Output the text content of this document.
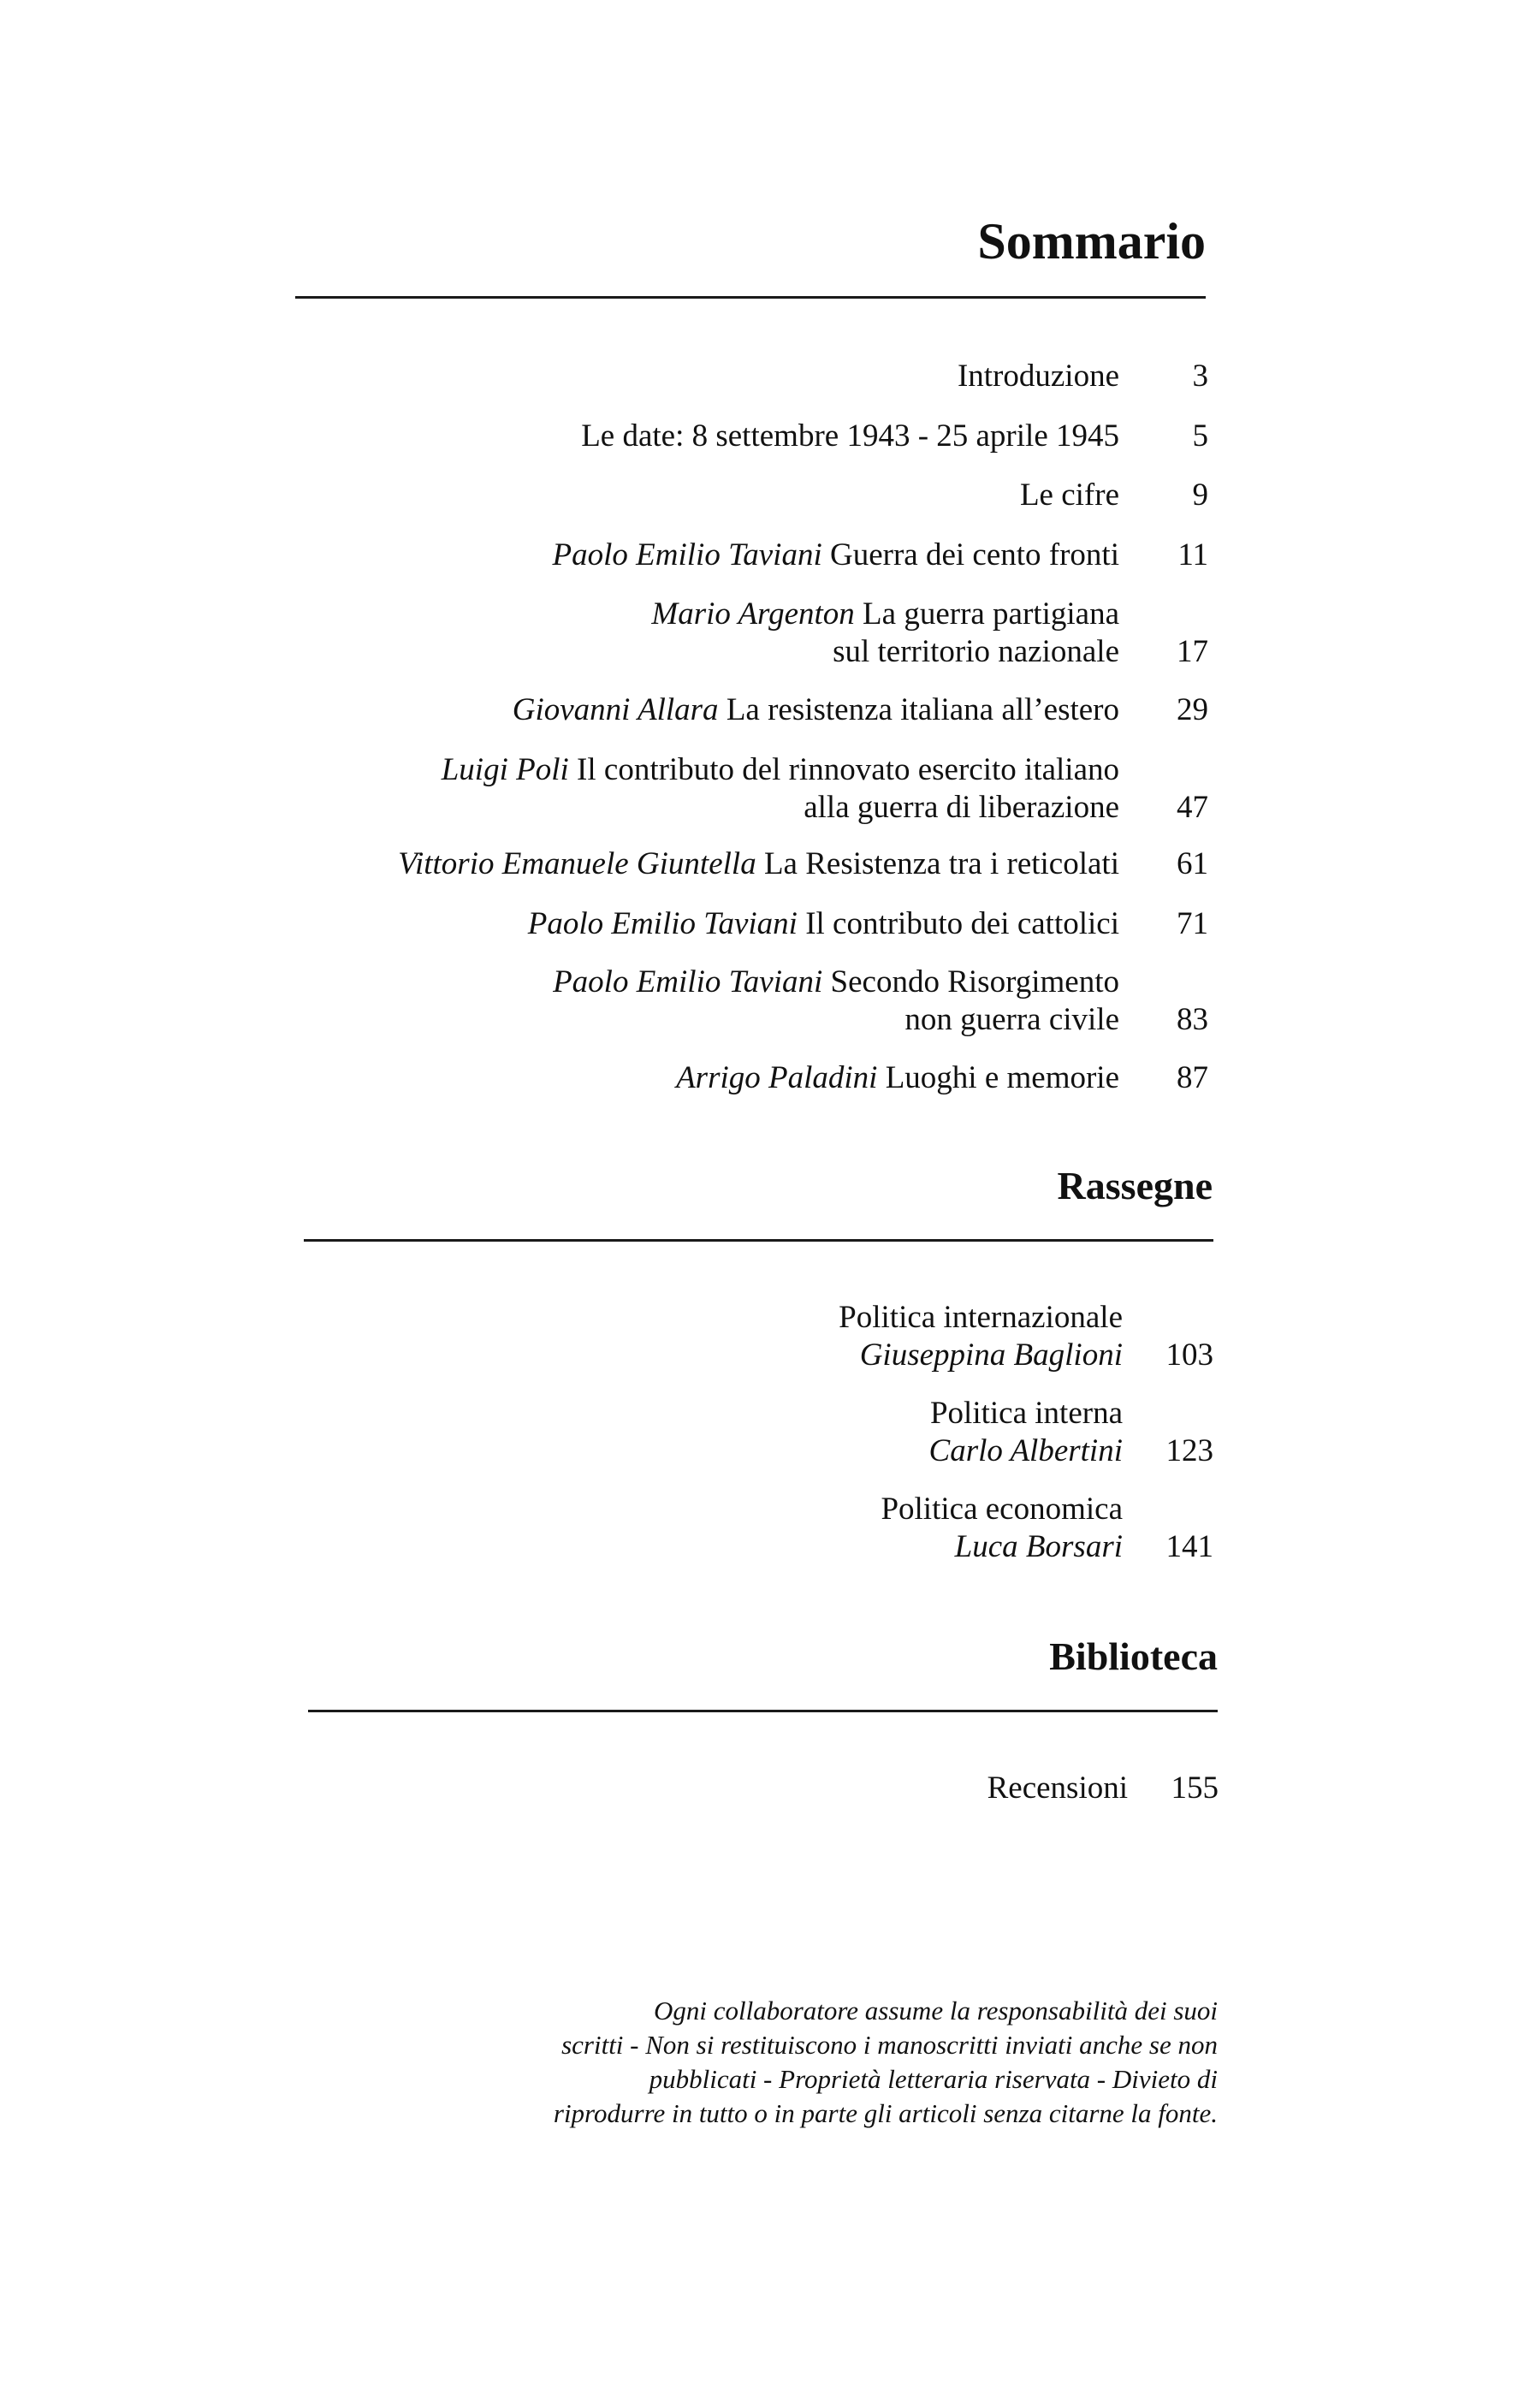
Sommario
Introduzione 3
Le date: 8 settembre 1943 - 25 aprile 1945 5
Le cifre 9
Paolo Emilio Taviani Guerra dei cento fronti 11
Mario Argenton La guerra partigiana
sul territorio nazionale 17
Giovanni Allara La resistenza italiana all’estero 29
Luigi Poli Il contributo del rinnovato esercito italiano
alla guerra di liberazione 47
Vittorio Emanuele Giuntella La Resistenza tra i reticolati 61
Paolo Emilio Taviani Il contributo dei cattolici 71
Paolo Emilio Taviani Secondo Risorgimento
non guerra civile 83
Arrigo Paladini Luoghi e memorie 87
Rassegne
Politica internazionale
Giuseppina Baglioni 103
Politica interna
Carlo Albertini 123
Politica economica
Luca Borsari 141
Biblioteca
Recensioni 155
Ogni collaboratore assume la responsabilità dei suoi
scritti - Non si restituiscono i manoscritti inviati anche se non
pubblicati - Proprietà letteraria riservata - Divieto di
riprodurre in tutto o in parte gli articoli senza citarne la fonte.
